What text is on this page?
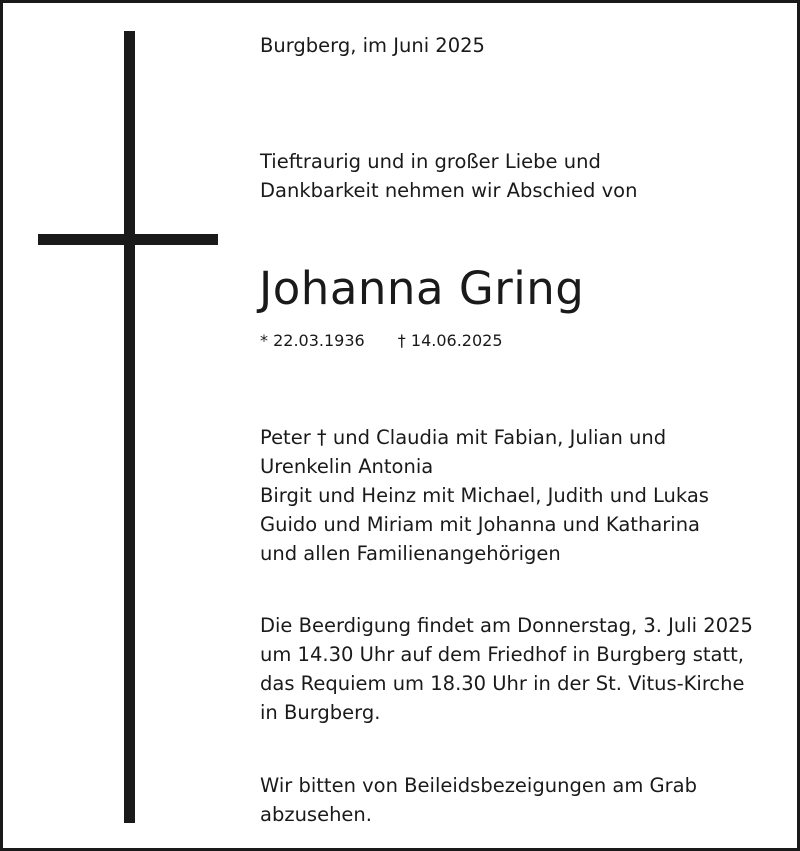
Burgberg, im Juni 2025
Tieftraurig und in großer Liebe und
Dankbarkeit nehmen wir Abschied von
Johanna Gring
* 22.03.1936 † 14.06.2025
Peter † und Claudia mit Fabian, Julian und
Urenkelin Antonia
Birgit und Heinz mit Michael, Judith und Lukas
Guido und Miriam mit Johanna und Katharina
und allen Familienangehörigen
Die Beerdigung findet am Donnerstag, 3. Juli 2025
um 14.30 Uhr auf dem Friedhof in Burgberg statt,
das Requiem um 18.30 Uhr in der St. Vitus-Kirche
in Burgberg.
Wir bitten von Beileidsbezeigungen am Grab
abzusehen.
